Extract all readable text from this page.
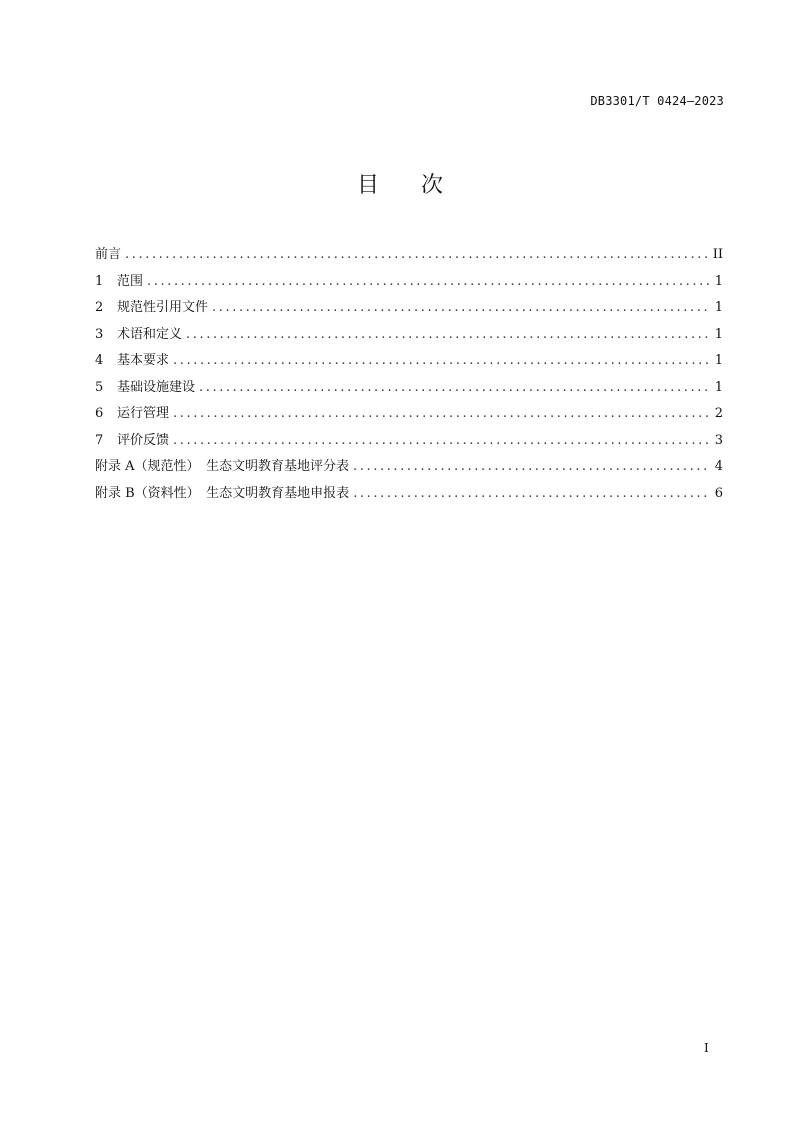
DB3301/T 0424—2023
目 次
前言 .....	II
1	范围 .....	1
2	规范性引用文件 .....	1
3	术语和定义 .....	1
4	基本要求 .....	1
5	基础设施建设 .....	1
6	运行管理 .....	2
7	评价反馈 .....	3
附录 A（规范性）　生态文明教育基地评分表 .....	4
附录 B（资料性）　生态文明教育基地申报表 .....	6
I
